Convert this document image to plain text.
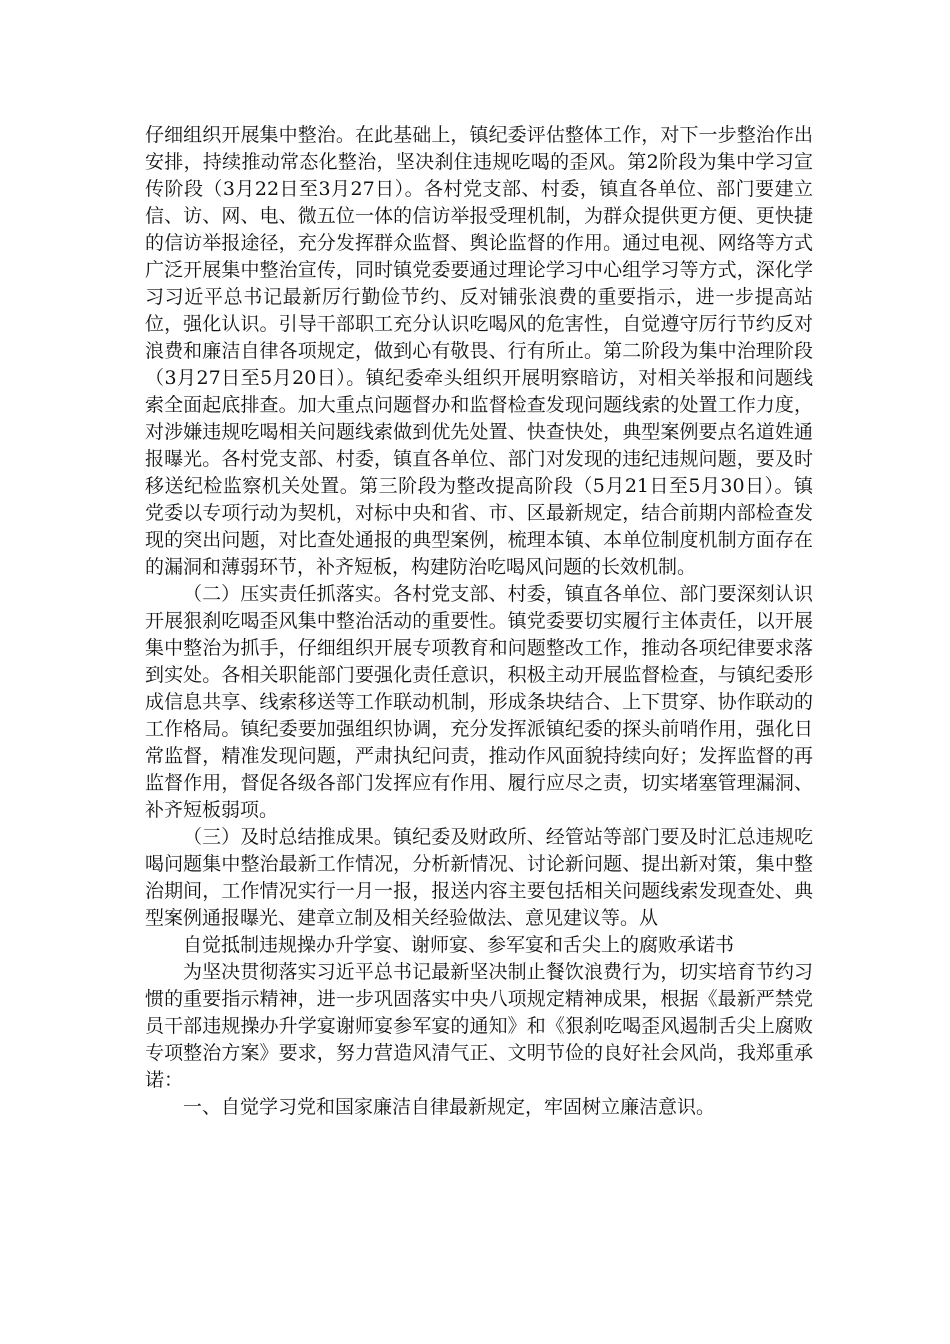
仔细组织开展集中整治。在此基础上，镇纪委评估整体工作，对下一步整治作出安排，持续推动常态化整治，坚决刹住违规吃喝的歪风。第2阶段为集中学习宣传阶段（3月22日至3月27日）。各村党支部、村委，镇直各单位、部门要建立信、访、网、电、微五位一体的信访举报受理机制，为群众提供更方便、更快捷的信访举报途径，充分发挥群众监督、舆论监督的作用。通过电视、网络等方式广泛开展集中整治宣传，同时镇党委要通过理论学习中心组学习等方式，深化学习习近平总书记最新厉行勤俭节约、反对铺张浪费的重要指示，进一步提高站位，强化认识。引导干部职工充分认识吃喝风的危害性，自觉遵守厉行节约反对浪费和廉洁自律各项规定，做到心有敬畏、行有所止。第二阶段为集中治理阶段（3月27日至5月20日）。镇纪委牵头组织开展明察暗访，对相关举报和问题线索全面起底排查。加大重点问题督办和监督检查发现问题线索的处置工作力度，对涉嫌违规吃喝相关问题线索做到优先处置、快查快处，典型案例要点名道姓通报曝光。各村党支部、村委，镇直各单位、部门对发现的违纪违规问题，要及时移送纪检监察机关处置。第三阶段为整改提高阶段（5月21日至5月30日）。镇党委以专项行动为契机，对标中央和省、市、区最新规定，结合前期内部检查发现的突出问题，对比查处通报的典型案例，梳理本镇、本单位制度机制方面存在的漏洞和薄弱环节，补齐短板，构建防治吃喝风问题的长效机制。

（二）压实责任抓落实。各村党支部、村委，镇直各单位、部门要深刻认识开展狠刹吃喝歪风集中整治活动的重要性。镇党委要切实履行主体责任，以开展集中整治为抓手，仔细组织开展专项教育和问题整改工作，推动各项纪律要求落到实处。各相关职能部门要强化责任意识，积极主动开展监督检查，与镇纪委形成信息共享、线索移送等工作联动机制，形成条块结合、上下贯穿、协作联动的工作格局。镇纪委要加强组织协调，充分发挥派镇纪委的探头前哨作用，强化日常监督，精准发现问题，严肃执纪问责，推动作风面貌持续向好；发挥监督的再监督作用，督促各级各部门发挥应有作用、履行应尽之责，切实堵塞管理漏洞、补齐短板弱项。

（三）及时总结推成果。镇纪委及财政所、经管站等部门要及时汇总违规吃喝问题集中整治最新工作情况，分析新情况、讨论新问题、提出新对策，集中整治期间，工作情况实行一月一报，报送内容主要包括相关问题线索发现查处、典型案例通报曝光、建章立制及相关经验做法、意见建议等。从

自觉抵制违规操办升学宴、谢师宴、参军宴和舌尖上的腐败承诺书

为坚决贯彻落实习近平总书记最新坚决制止餐饮浪费行为，切实培育节约习惯的重要指示精神，进一步巩固落实中央八项规定精神成果，根据《最新严禁党员干部违规操办升学宴谢师宴参军宴的通知》和《狠刹吃喝歪风遏制舌尖上腐败专项整治方案》要求，努力营造风清气正、文明节俭的良好社会风尚，我郑重承诺：

一、自觉学习党和国家廉洁自律最新规定，牢固树立廉洁意识。
